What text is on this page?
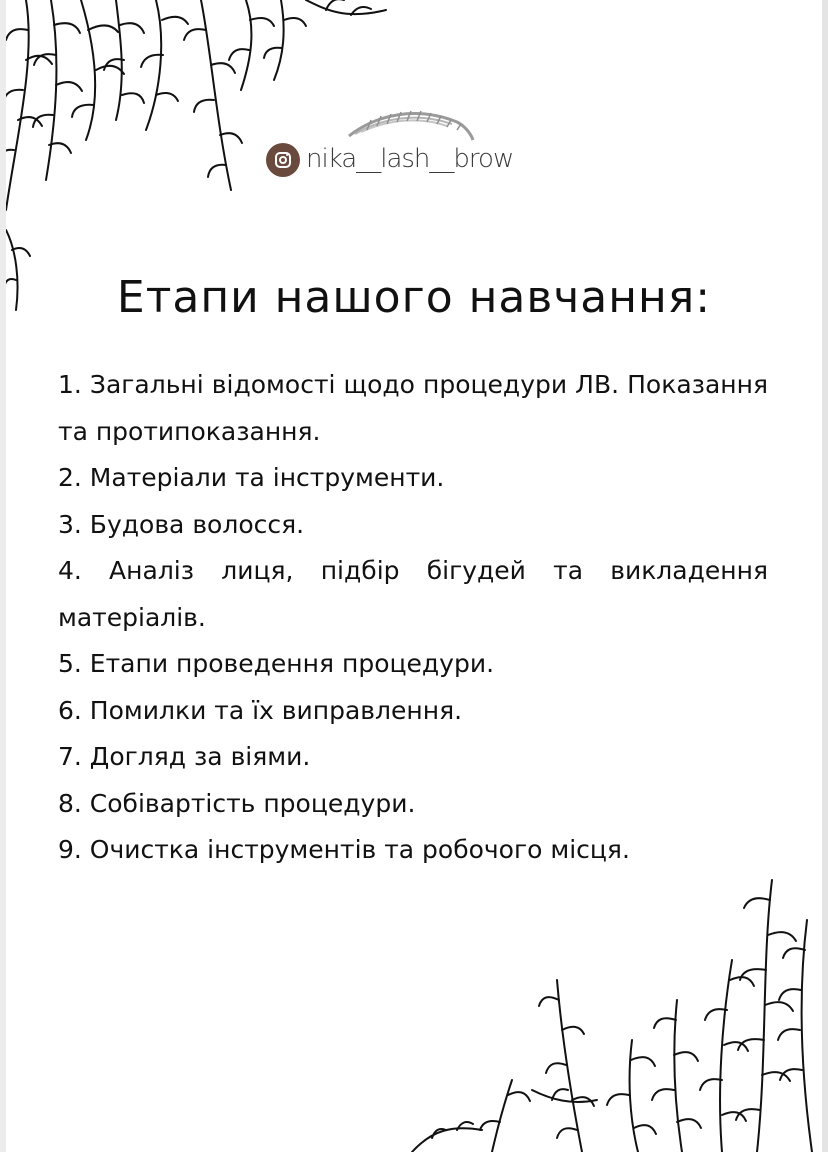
nika__lash__brow
Етапи нашого навчання:
1. Загальні відомості щодо процедури ЛВ. Показання та протипоказання.
2. Матеріали та інструменти.
3. Будова волосся.
4. Аналіз лиця, підбір бігудей та викладення матеріалів.
5. Етапи проведення процедури.
6. Помилки та їх виправлення.
7. Догляд за віями.
8. Собівартість процедури.
9. Очистка інструментів та робочого місця.
